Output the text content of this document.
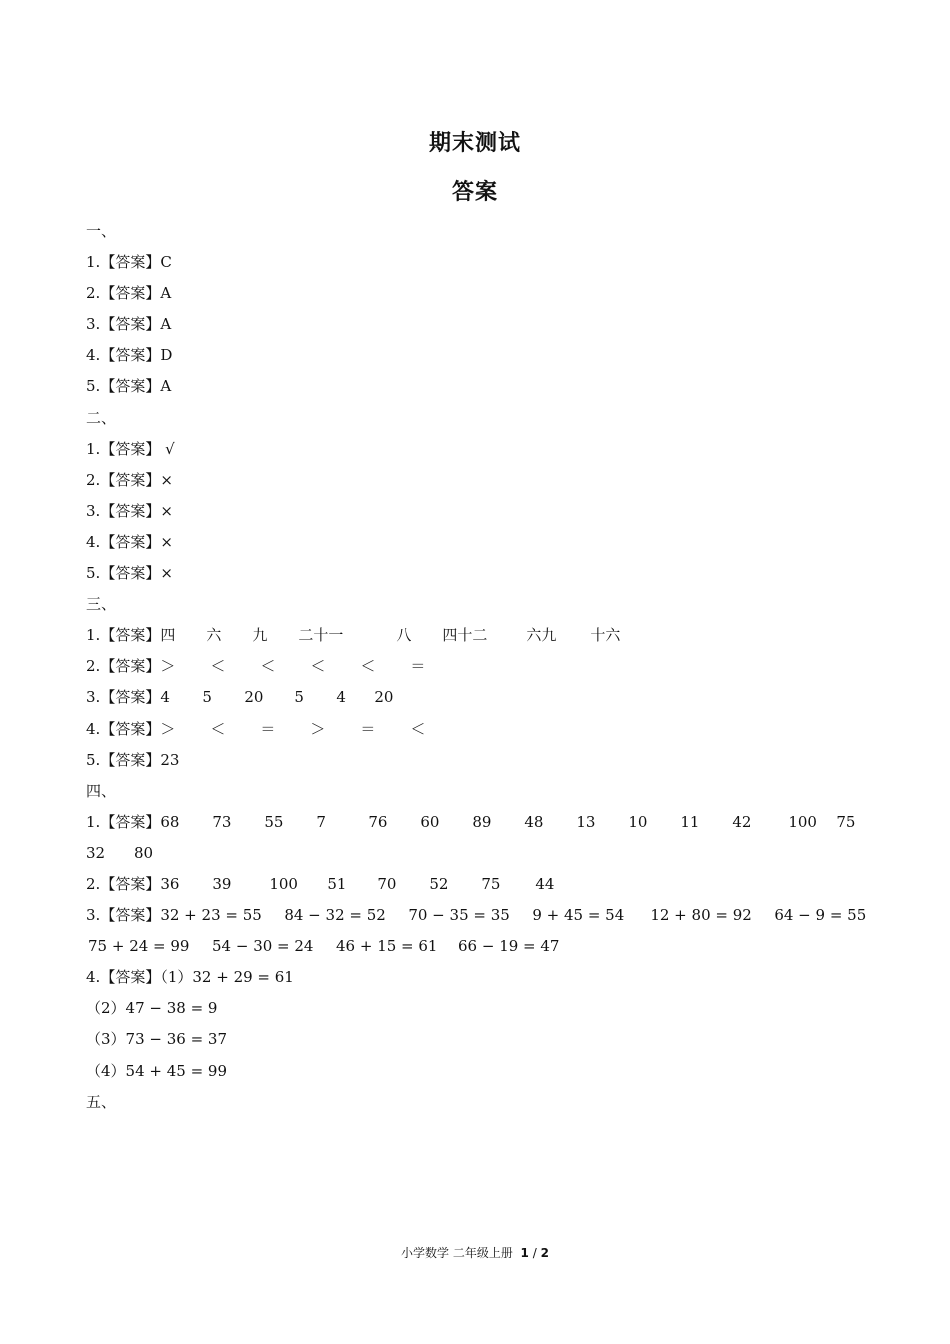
期末测试
答案
一、
1.【答案】C
2.【答案】A
3.【答案】A
4.【答案】D
5.【答案】A
二、
1.【答案】 √
2.【答案】×
3.【答案】×
4.【答案】×
5.【答案】×
三、
1.【答案】四 六 九 二十一	八 四十二	六九 十六
2.【答案】＞ ＜ ＜ ＜ ＜ ＝
3.【答案】4 5 20 5 4 20
4.【答案】＞ ＜ ＝ ＞ ＝ ＜
5.【答案】23
四、
1.【答案】68 73 55 7	76 60 89 48 13 10 11 42 100 75
32 80
2.【答案】36 39	100 51 70 52 75 44
3.【答案】32 + 23 = 55 84 − 32 = 52 70 − 35 = 35 9 + 45 = 54 12 + 80 = 92 64 − 9 = 55
75 + 24 = 99 54 − 30 = 24 46 + 15 = 61 66 − 19 = 47
4.【答案】（1）32 + 29 = 61
（2）47 − 38 = 9
（3）73 − 36 = 37
（4）54 + 45 = 99
五、
小学数学 二年级上册 1 / 2
